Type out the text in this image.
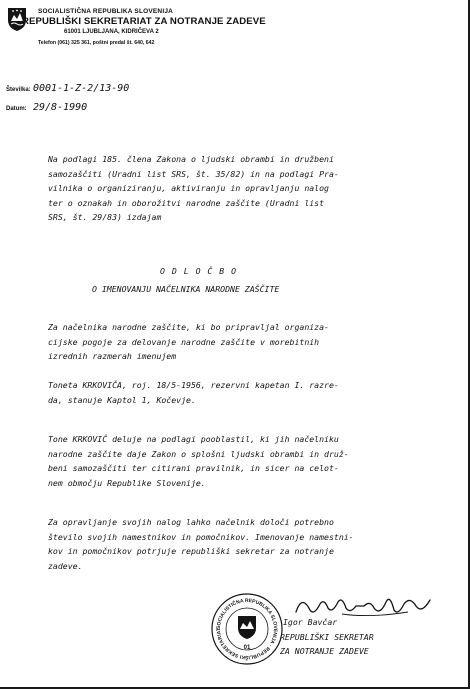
SOCIALISTIČNA REPUBLIKA SLOVENIJA
REPUBLIŠKI SEKRETARIAT ZA NOTRANJE ZADEVE
61001 LJUBLJANA, KIDRIČEVA 2
Telefon (061) 325 361, poštni predal št. 640, 642
Številka: 0001-1-Z-2/13-90
Datum: 29/8-1990
Na podlagi 185. člena Zakona o ljudski obrambi in družbeni
samozaščiti (Uradni list SRS, št. 35/82) in na podlagi Pra-
vilnika o organiziranju, aktiviranju in opravljanju nalog
ter o oznakah in oborožitvi narodne zaščite (Uradni list
SRS, št. 29/83) izdajam
O D L O Č B O
O IMENOVANJU NAČELNIKA NARODNE ZAŠČITE
Za načelnika narodne zaščite, ki bo pripravljal organiza-
cijske pogoje za delovanje narodne zaščite v morebitnih
izrednih razmerah imenujem
Toneta KRKOVIČA, roj. 18/5-1956, rezervni kapetan I. razre-
da, stanuje Kaptol 1, Kočevje.
Tone KRKOVIČ deluje na podlagi pooblastil, ki jih načelniku
narodne zaščite daje Zakon o splošni ljudski obrambi in druž-
beni samozaščiti ter citirani pravilnik, in sicer na celot-
nem območju Republike Slovenije.
Za opravljanje svojih nalog lahko načelnik določi potrebno
število svojih namestnikov in pomočnikov. Imenovanje namestni-
kov in pomočnikov potrjuje republiški sekretar za notranje
zadeve.
SOCIALISTIČNA REPUBLIKA SLOVENIJA · REPUBLIŠKI SEKRETARIAT
01
Igor Bavčar
REPUBLIŠKI SEKRETAR
ZA NOTRANJE ZADEVE
